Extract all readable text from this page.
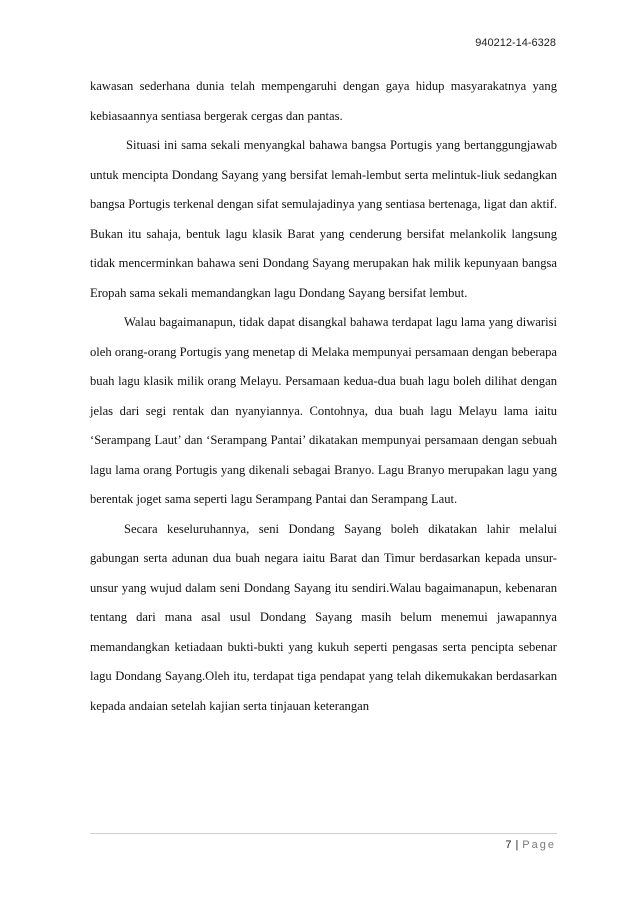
940212-14-6328

kawasan sederhana dunia telah mempengaruhi dengan gaya hidup masyarakatnya yang kebiasaannya sentiasa bergerak cergas dan pantas.

Situasi ini sama sekali menyangkal bahawa bangsa Portugis yang bertanggungjawab untuk mencipta Dondang Sayang yang bersifat lemah-lembut serta melintuk-liuk sedangkan bangsa Portugis terkenal dengan sifat semulajadinya yang sentiasa bertenaga, ligat dan aktif. Bukan itu sahaja, bentuk lagu klasik Barat yang cenderung bersifat melankolik langsung tidak mencerminkan bahawa seni Dondang Sayang merupakan hak milik kepunyaan bangsa Eropah sama sekali memandangkan lagu Dondang Sayang bersifat lembut.

Walau bagaimanapun, tidak dapat disangkal bahawa terdapat lagu lama yang diwarisi oleh orang-orang Portugis yang menetap di Melaka mempunyai persamaan dengan beberapa buah lagu klasik milik orang Melayu. Persamaan kedua-dua buah lagu boleh dilihat dengan jelas dari segi rentak dan nyanyiannya. Contohnya, dua buah lagu Melayu lama iaitu ‘Serampang Laut’ dan ‘Serampang Pantai’ dikatakan mempunyai persamaan dengan sebuah lagu lama orang Portugis yang dikenali sebagai Branyo. Lagu Branyo merupakan lagu yang berentak joget sama seperti lagu Serampang Pantai dan Serampang Laut.

Secara keseluruhannya, seni Dondang Sayang boleh dikatakan lahir melalui gabungan serta adunan dua buah negara iaitu Barat dan Timur berdasarkan kepada unsur-unsur yang wujud dalam seni Dondang Sayang itu sendiri.Walau bagaimanapun, kebenaran tentang dari mana asal usul Dondang Sayang masih belum menemui jawapannya memandangkan ketiadaan bukti-bukti yang kukuh seperti pengasas serta pencipta sebenar lagu Dondang Sayang.Oleh itu, terdapat tiga pendapat yang telah dikemukakan berdasarkan kepada andaian setelah kajian serta tinjauan keterangan

7 | Page
